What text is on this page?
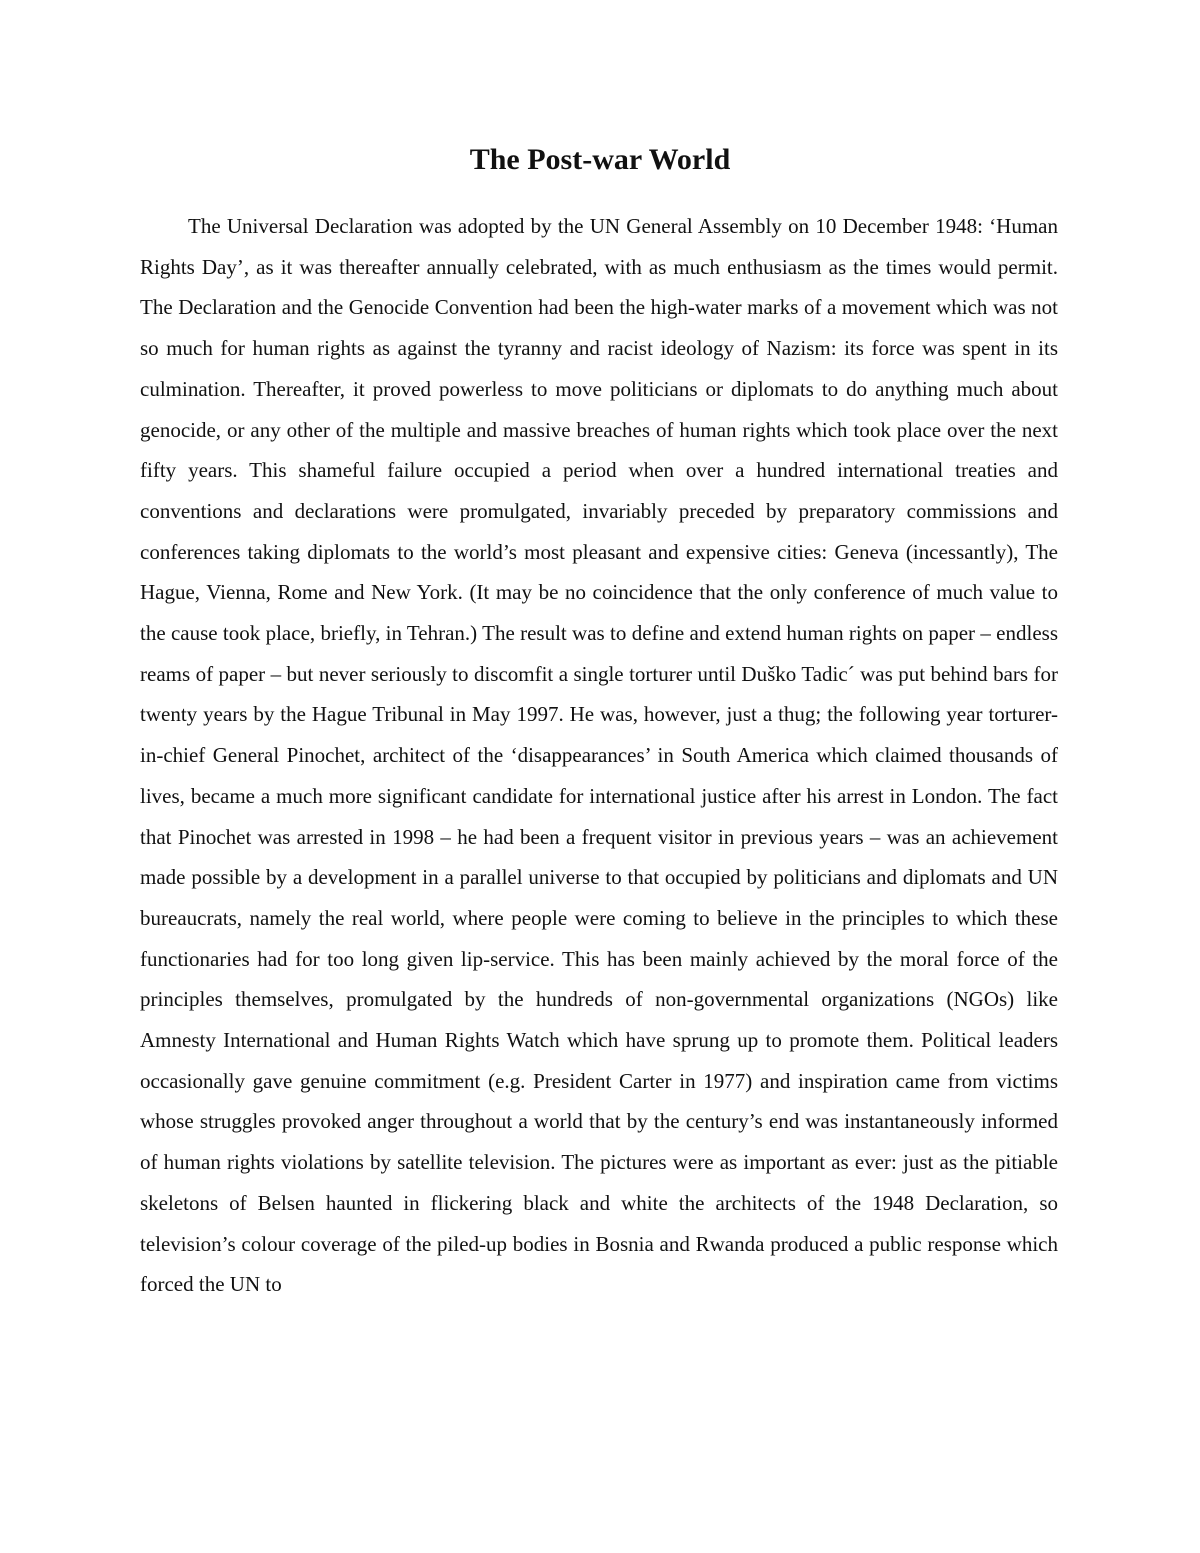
The Post-war World

The Universal Declaration was adopted by the UN General Assembly on 10 December 1948: ‘Human Rights Day’, as it was thereafter annually celebrated, with as much enthusiasm as the times would permit. The Declaration and the Genocide Convention had been the high-water marks of a movement which was not so much for human rights as against the tyranny and racist ideology of Nazism: its force was spent in its culmination. Thereafter, it proved powerless to move politicians or diplomats to do anything much about genocide, or any other of the multiple and massive breaches of human rights which took place over the next fifty years. This shameful failure occupied a period when over a hundred international treaties and conventions and declarations were promulgated, invariably preceded by preparatory commissions and conferences taking diplomats to the world’s most pleasant and expensive cities: Geneva (incessantly), The Hague, Vienna, Rome and New York. (It may be no coincidence that the only conference of much value to the cause took place, briefly, in Tehran.) The result was to define and extend human rights on paper – endless reams of paper – but never seriously to discomfit a single torturer until Duško Tadic´ was put behind bars for twenty years by the Hague Tribunal in May 1997. He was, however, just a thug; the following year torturer-in-chief General Pinochet, architect of the ‘disappearances’ in South America which claimed thousands of lives, became a much more significant candidate for international justice after his arrest in London. The fact that Pinochet was arrested in 1998 – he had been a frequent visitor in previous years – was an achievement made possible by a development in a parallel universe to that occupied by politicians and diplomats and UN bureaucrats, namely the real world, where people were coming to believe in the principles to which these functionaries had for too long given lip-service. This has been mainly achieved by the moral force of the principles themselves, promulgated by the hundreds of non-governmental organizations (NGOs) like Amnesty International and Human Rights Watch which have sprung up to promote them. Political leaders occasionally gave genuine commitment (e.g. President Carter in 1977) and inspiration came from victims whose struggles provoked anger throughout a world that by the century’s end was instantaneously informed of human rights violations by satellite television. The pictures were as important as ever: just as the pitiable skeletons of Belsen haunted in flickering black and white the architects of the 1948 Declaration, so television’s colour coverage of the piled-up bodies in Bosnia and Rwanda produced a public response which forced the UN to
